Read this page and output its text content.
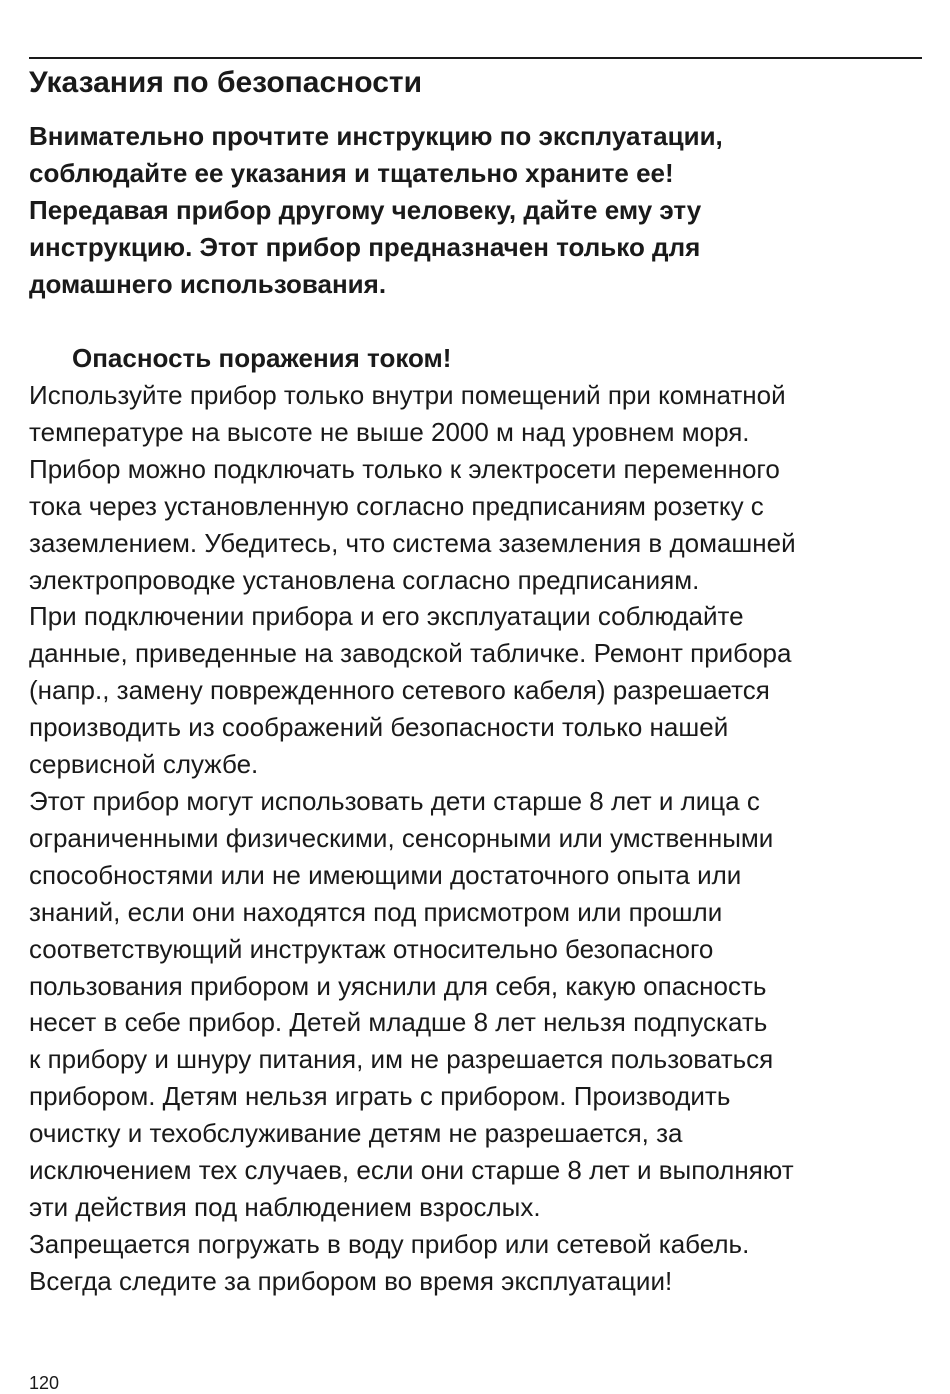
Указания по безопасности

Внимательно прочтите инструкцию по эксплуатации,
соблюдайте ее указания и тщательно храните ее!
Передавая прибор другому человеку, дайте ему эту
инструкцию. Этот прибор предназначен только для
домашнего использования.

Опасность поражения током!

Используйте прибор только внутри помещений при комнатной
температуре на высоте не выше 2000 м над уровнем моря.
Прибор можно подключать только к электросети переменного
тока через установленную согласно предписаниям розетку с
заземлением. Убедитесь, что система заземления в домашней
электропроводке установлена согласно предписаниям.
При подключении прибора и его эксплуатации соблюдайте
данные, приведенные на заводской табличке. Ремонт прибора
(напр., замену поврежденного сетевого кабеля) разрешается
производить из соображений безопасности только нашей
сервисной службе.
Этот прибор могут использовать дети старше 8 лет и лица с
ограниченными физическими, сенсорными или умственными
способностями или не имеющими достаточного опыта или
знаний, если они находятся под присмотром или прошли
соответствующий инструктаж относительно безопасного
пользования прибором и уяснили для себя, какую опасность
несет в себе прибор. Детей младше 8 лет нельзя подпускать
к прибору и шнуру питания, им не разрешается пользоваться
прибором. Детям нельзя играть с прибором. Производить
очистку и техобслуживание детям не разрешается, за
исключением тех случаев, если они старше 8 лет и выполняют
эти действия под наблюдением взрослых.
Запрещается погружать в воду прибор или сетевой кабель.
Всегда следите за прибором во время эксплуатации!

120
